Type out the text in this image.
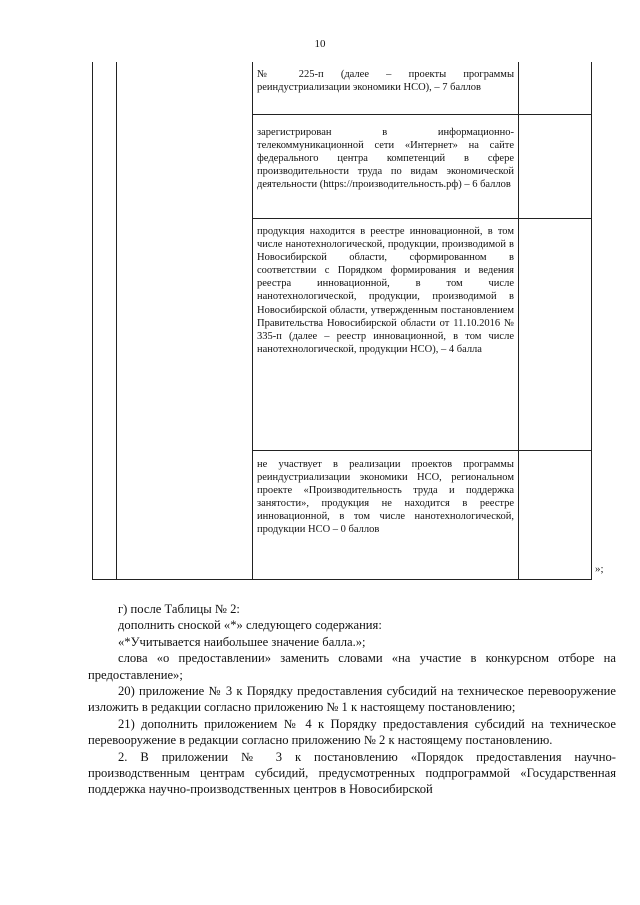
10
№ 225-п (далее – проекты программы реиндустриализации экономики НСО), – 7 баллов
зарегистрирован в информационно-телекоммуникационной сети «Интернет» на сайте федерального центра компетенций в сфере производительности труда по видам экономической деятельности (https://производительность.рф) – 6 баллов
продукция находится в реестре инновационной, в том числе нанотехнологической, продукции, производимой в Новосибирской области, сформированном в соответствии с Порядком формирования и ведения реестра инновационной, в том числе нанотехнологической, продукции, производимой в Новосибирской области, утвержденным постановлением Правительства Новосибирской области от 11.10.2016 № 335-п (далее – реестр инновационной, в том числе нанотехнологической, продукции НСО), – 4 балла
не участвует в реализации проектов программы реиндустриализации экономики НСО, региональном проекте «Производительность труда и поддержка занятости», продукция не находится в реестре инновационной, в том числе нанотехнологической, продукции НСО – 0 баллов
»;

г) после Таблицы № 2:

дополнить сноской «*» следующего содержания:

«*Учитывается наибольшее значение балла.»;

слова «о предоставлении» заменить словами «на участие в конкурсном отборе на предоставление»;

20) приложение № 3 к Порядку предоставления субсидий на техническое перевооружение изложить в редакции согласно приложению № 1 к настоящему постановлению;

21) дополнить приложением № 4 к Порядку предоставления субсидий на техническое перевооружение в редакции согласно приложению № 2 к настоящему постановлению.

2. В приложении № 3 к постановлению «Порядок предоставления научно-производственным центрам субсидий, предусмотренных подпрограммой «Государственная поддержка научно-производственных центров в Новосибирской
